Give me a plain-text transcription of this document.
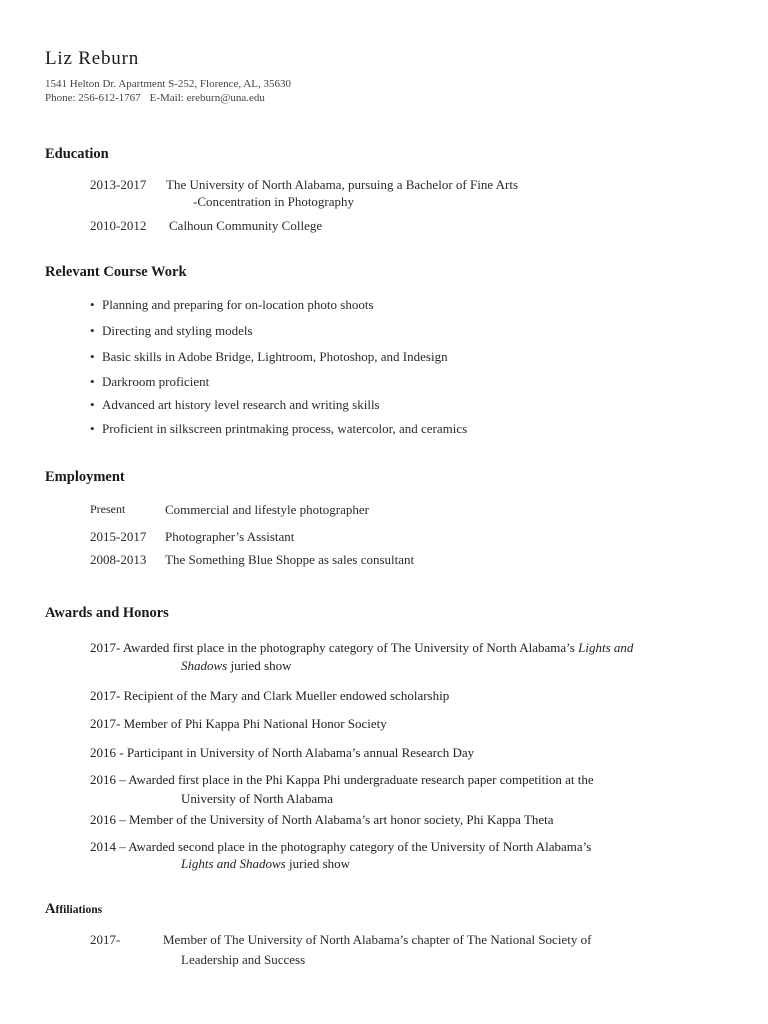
Liz Reburn
1541 Helton Dr. Apartment S-252, Florence, AL, 35630
Phone: 256-612-1767 E-Mail: ereburn@una.edu
Education
2013-2017 The University of North Alabama, pursuing a Bachelor of Fine Arts
-Concentration in Photography
2010-2012 Calhoun Community College
Relevant Course Work
• Planning and preparing for on-location photo shoots
• Directing and styling models
• Basic skills in Adobe Bridge, Lightroom, Photoshop, and Indesign
• Darkroom proficient
• Advanced art history level research and writing skills
• Proficient in silkscreen printmaking process, watercolor, and ceramics
Employment
Present	Commercial and lifestyle photographer
2015-2017 Photographer’s Assistant
2008-2013 The Something Blue Shoppe as sales consultant
Awards and Honors
2017- Awarded first place in the photography category of The University of North Alabama’s Lights and
Shadows juried show
2017- Recipient of the Mary and Clark Mueller endowed scholarship
2017- Member of Phi Kappa Phi National Honor Society
2016 - Participant in University of North Alabama’s annual Research Day
2016 – Awarded first place in the Phi Kappa Phi undergraduate research paper competition at the
University of North Alabama
2016 – Member of the University of North Alabama’s art honor society, Phi Kappa Theta
2014 – Awarded second place in the photography category of the University of North Alabama’s
Lights and Shadows juried show
Affiliations
2017-	Member of The University of North Alabama’s chapter of The National Society of
Leadership and Success
